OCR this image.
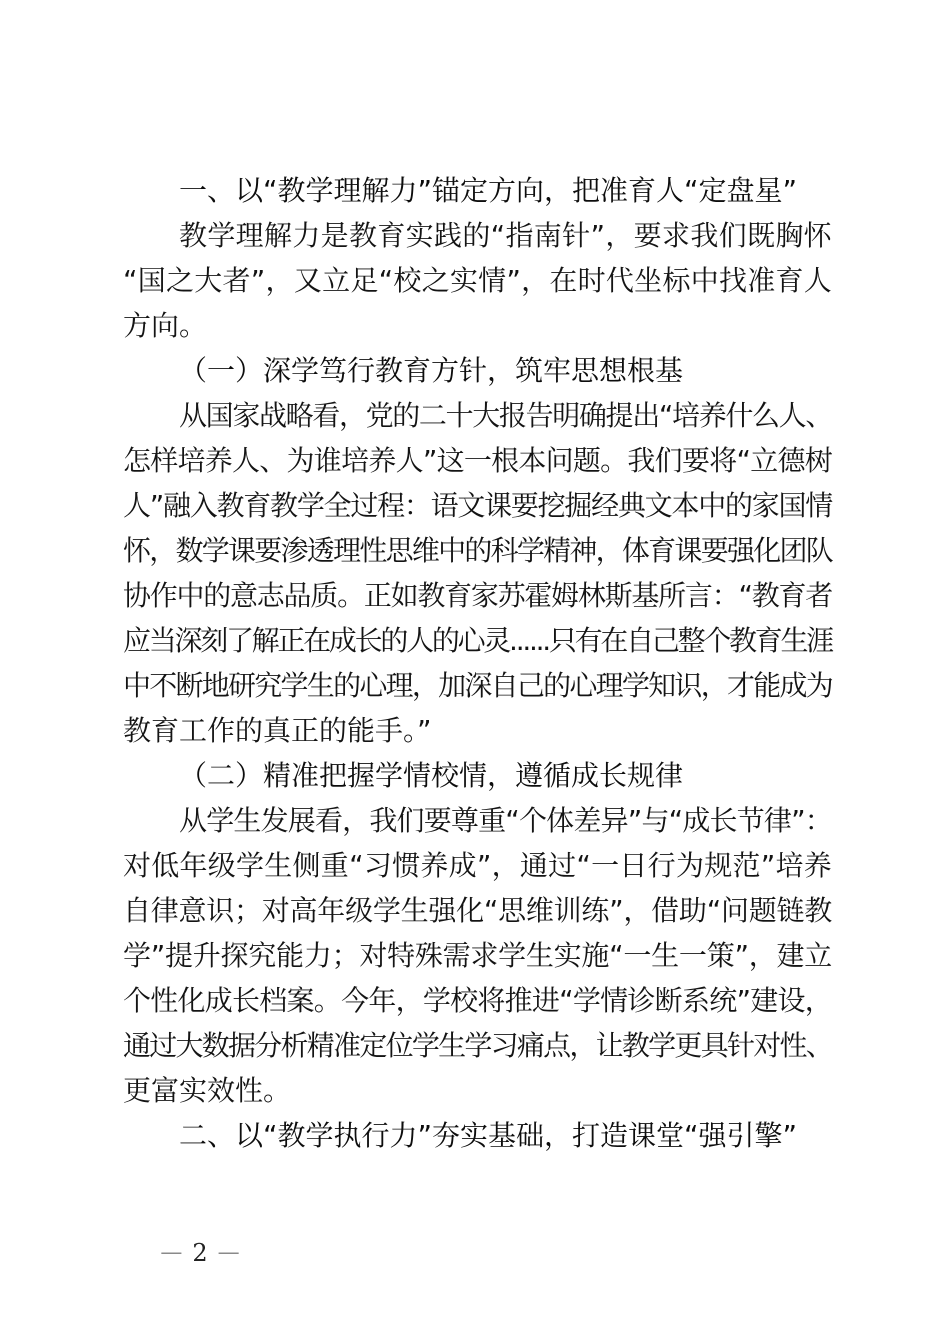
一、以“教学理解力”锚定方向，把准育人“定盘星”
教学理解力是教育实践的“指南针”，要求我们既胸怀
“国之大者”，又立足“校之实情”，在时代坐标中找准育人
方向。
（一）深学笃行教育方针，筑牢思想根基
从国家战略看，党的二十大报告明确提出“培养什么人、
怎样培养人、为谁培养人”这一根本问题。我们要将“立德树
人”融入教育教学全过程：语文课要挖掘经典文本中的家国情
怀，数学课要渗透理性思维中的科学精神，体育课要强化团队
协作中的意志品质。正如教育家苏霍姆林斯基所言：“教育者
应当深刻了解正在成长的人的心灵......只有在自己整个教育生涯
中不断地研究学生的心理，加深自己的心理学知识，才能成为
教育工作的真正的能手。”
（二）精准把握学情校情，遵循成长规律
从学生发展看，我们要尊重“个体差异”与“成长节律”：
对低年级学生侧重“习惯养成”，通过“一日行为规范”培养
自律意识；对高年级学生强化“思维训练”，借助“问题链教
学”提升探究能力；对特殊需求学生实施“一生一策”，建立
个性化成长档案。今年，学校将推进“学情诊断系统”建设，
通过大数据分析精准定位学生学习痛点，让教学更具针对性、
更富实效性。
二、以“教学执行力”夯实基础，打造课堂“强引擎”
— 2 —
